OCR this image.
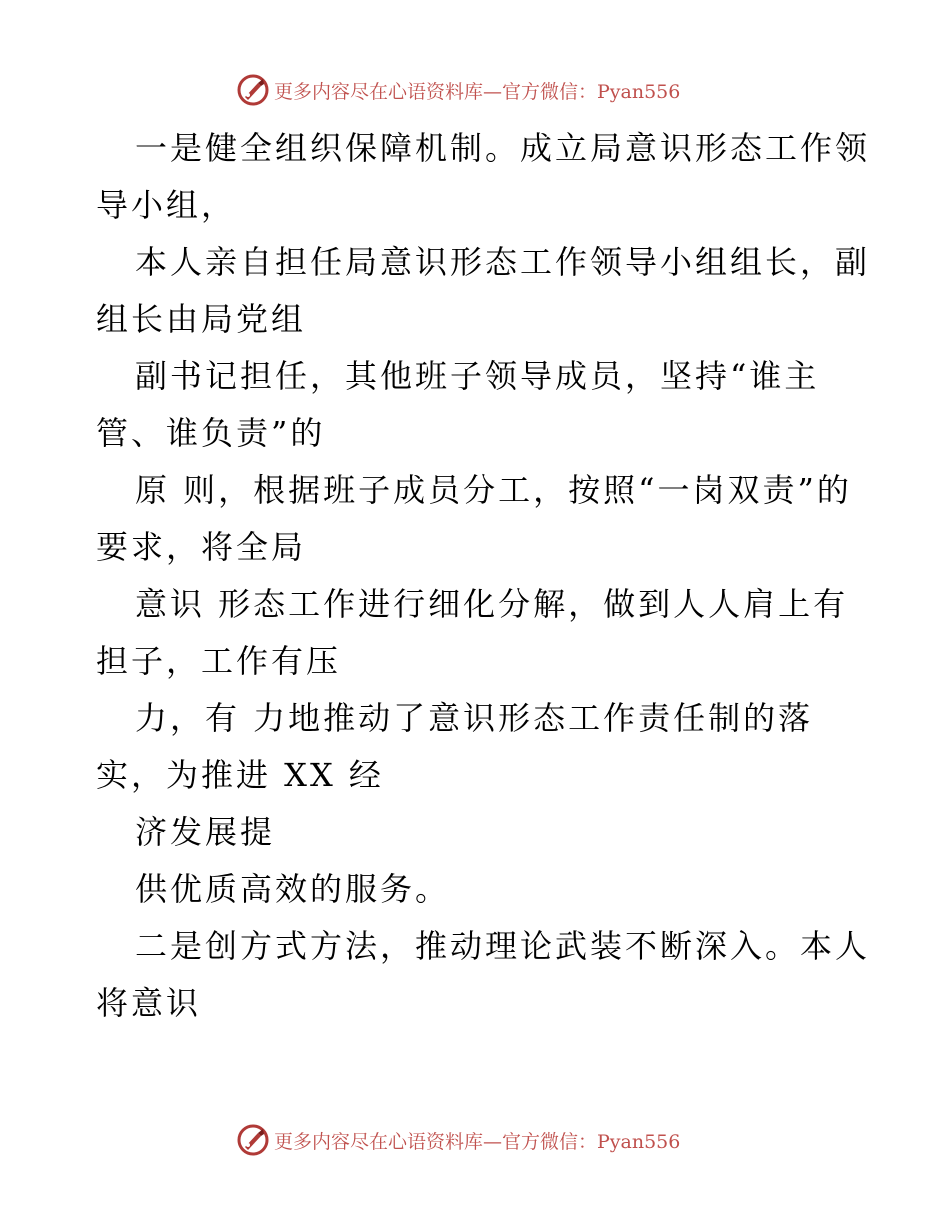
更多内容尽在心语资料库—官方微信：Pyan556

一是健全组织保障机制。成立局意识形态工作领导小组，

本人亲自担任局意识形态工作领导小组组长，副组长由局党组

副书记担任，其他班子领导成员，坚持“谁主管、谁负责”的

原 则，根据班子成员分工，按照“一岗双责”的要求，将全局

意识 形态工作进行细化分解，做到人人肩上有担子，工作有压

力，有 力地推动了意识形态工作责任制的落实，为推进 XX 经

济发展提

供优质高效的服务。

二是创方式方法，推动理论武装不断深入。本人将意识

更多内容尽在心语资料库—官方微信：Pyan556
